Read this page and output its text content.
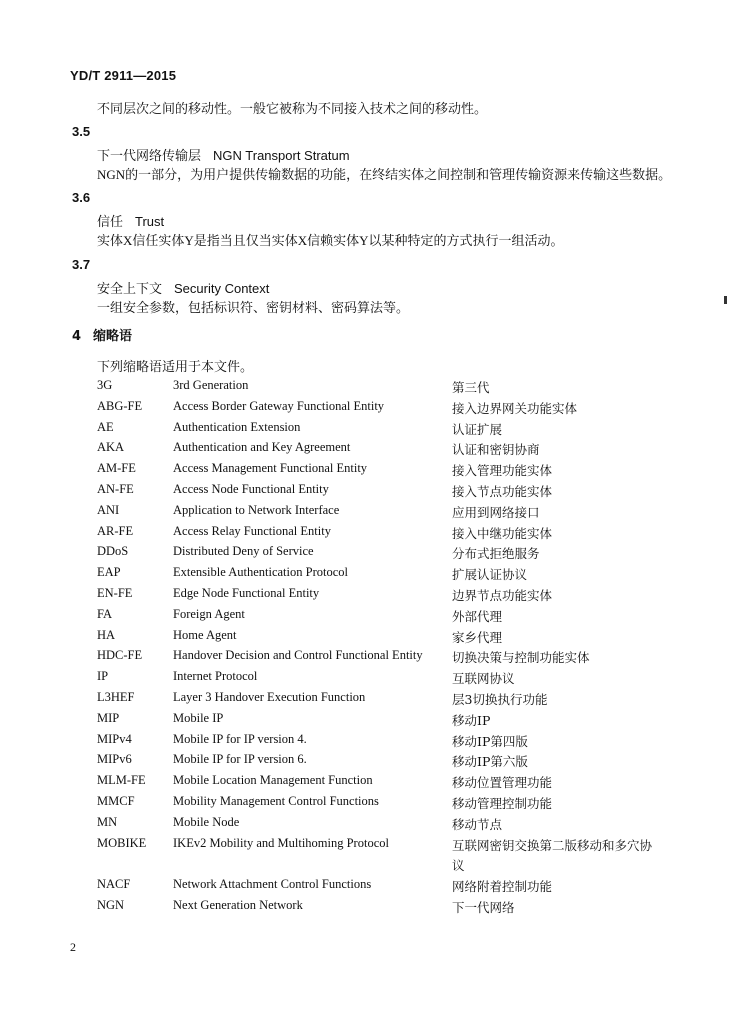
YD/T 2911—2015
不同层次之间的移动性。一般它被称为不同接入技术之间的移动性。
3.5
下一代网络传输层 NGN Transport Stratum
NGN的一部分，为用户提供传输数据的功能，在终结实体之间控制和管理传输资源来传输这些数据。
3.6
信任 Trust
实体X信任实体Y是指当且仅当实体X信赖实体Y以某种特定的方式执行一组活动。
3.7
安全上下文 Security Context
一组安全参数，包括标识符、密钥材料、密码算法等。
4 缩略语
下列缩略语适用于本文件。
3G	3rd Generation	第三代
ABG-FE Access Border Gateway Functional Entity	接入边界网关功能实体
AE	Authentication Extension	认证扩展
AKA	Authentication and Key Agreement	认证和密钥协商
AM-FE	Access Management Functional Entity	接入管理功能实体
AN-FE	Access Node Functional Entity	接入节点功能实体
ANI	Application to Network Interface	应用到网络接口
AR-FE	Access Relay Functional Entity	接入中继功能实体
DDoS	Distributed Deny of Service	分布式拒绝服务
EAP	Extensible Authentication Protocol	扩展认证协议
EN-FE	Edge Node Functional Entity	边界节点功能实体
FA	Foreign Agent	外部代理
HA	Home Agent	家乡代理
HDC-FE Handover Decision and Control Functional Entity 切换决策与控制功能实体
IP	Internet Protocol	互联网协议
L3HEF	Layer 3 Handover Execution Function	层3切换执行功能
MIP	Mobile IP	移动IP
MIPv4	Mobile IP for IP version 4.	移动IP第四版
MIPv6	Mobile IP for IP version 6.	移动IP第六版
MLM-FE Mobile Location Management Function	移动位置管理功能
MMCF	Mobility Management Control Functions	移动管理控制功能
MN	Mobile Node	移动节点
MOBIKE IKEv2 Mobility and Multihoming Protocol	互联网密钥交换第二版移动和多穴协议
NACF	Network Attachment Control Functions	网络附着控制功能
NGN	Next Generation Network	下一代网络
2
